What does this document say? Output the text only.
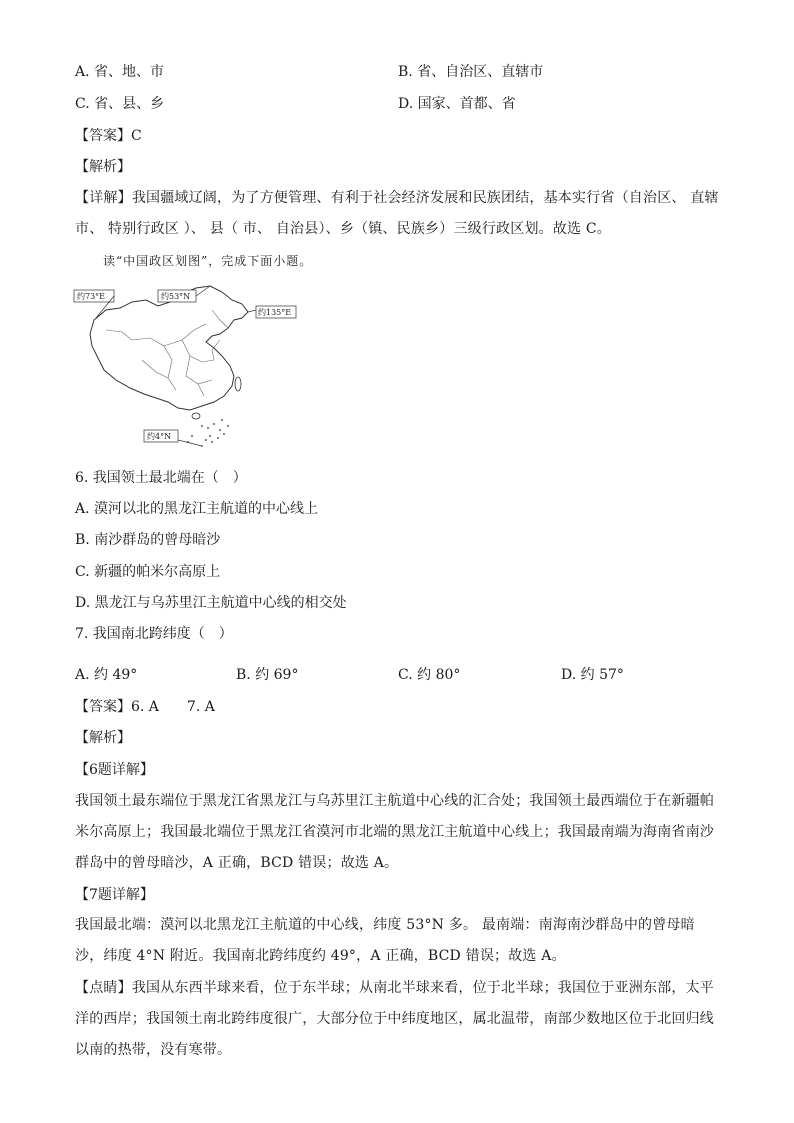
A. 省、地、市	B. 省、自治区、直辖市
C. 省、县、乡	D. 国家、首都、省
【答案】C
【解析】
【详解】我国疆域辽阔，为了方便管理、有利于社会经济发展和民族团结，基本实行省（自治区、 直辖市、 特别行政区 ）、 县（ 市、 自治县）、乡（镇、民族乡）三级行政区划。故选 C。
读“中国政区划图”，完成下面小题。
约73°E	约53°N
约135°E
约4°N
6. 我国领土最北端在（　）
A. 漠河以北的黑龙江主航道的中心线上
B. 南沙群岛的曾母暗沙
C. 新疆的帕米尔高原上
D. 黑龙江与乌苏里江主航道中心线的相交处
7. 我国南北跨纬度（　）
A. 约 49°	B. 约 69°	C. 约 80°	D. 约 57°
【答案】6. A　　7. A
【解析】
【6题详解】
我国领土最东端位于黑龙江省黑龙江与乌苏里江主航道中心线的汇合处；我国领土最西端位于在新疆帕米尔高原上；我国最北端位于黑龙江省漠河市北端的黑龙江主航道中心线上；我国最南端为海南省南沙群岛中的曾母暗沙，A 正确，BCD 错误；故选 A。
【7题详解】
我国最北端：漠河以北黑龙江主航道的中心线，纬度 53°N 多。 最南端：南海南沙群岛中的曾母暗沙，纬度 4°N 附近。我国南北跨纬度约 49°，A 正确，BCD 错误；故选 A。
【点睛】我国从东西半球来看，位于东半球；从南北半球来看，位于北半球；我国位于亚洲东部，太平洋的西岸；我国领土南北跨纬度很广，大部分位于中纬度地区，属北温带，南部少数地区位于北回归线以南的热带，没有寒带。
